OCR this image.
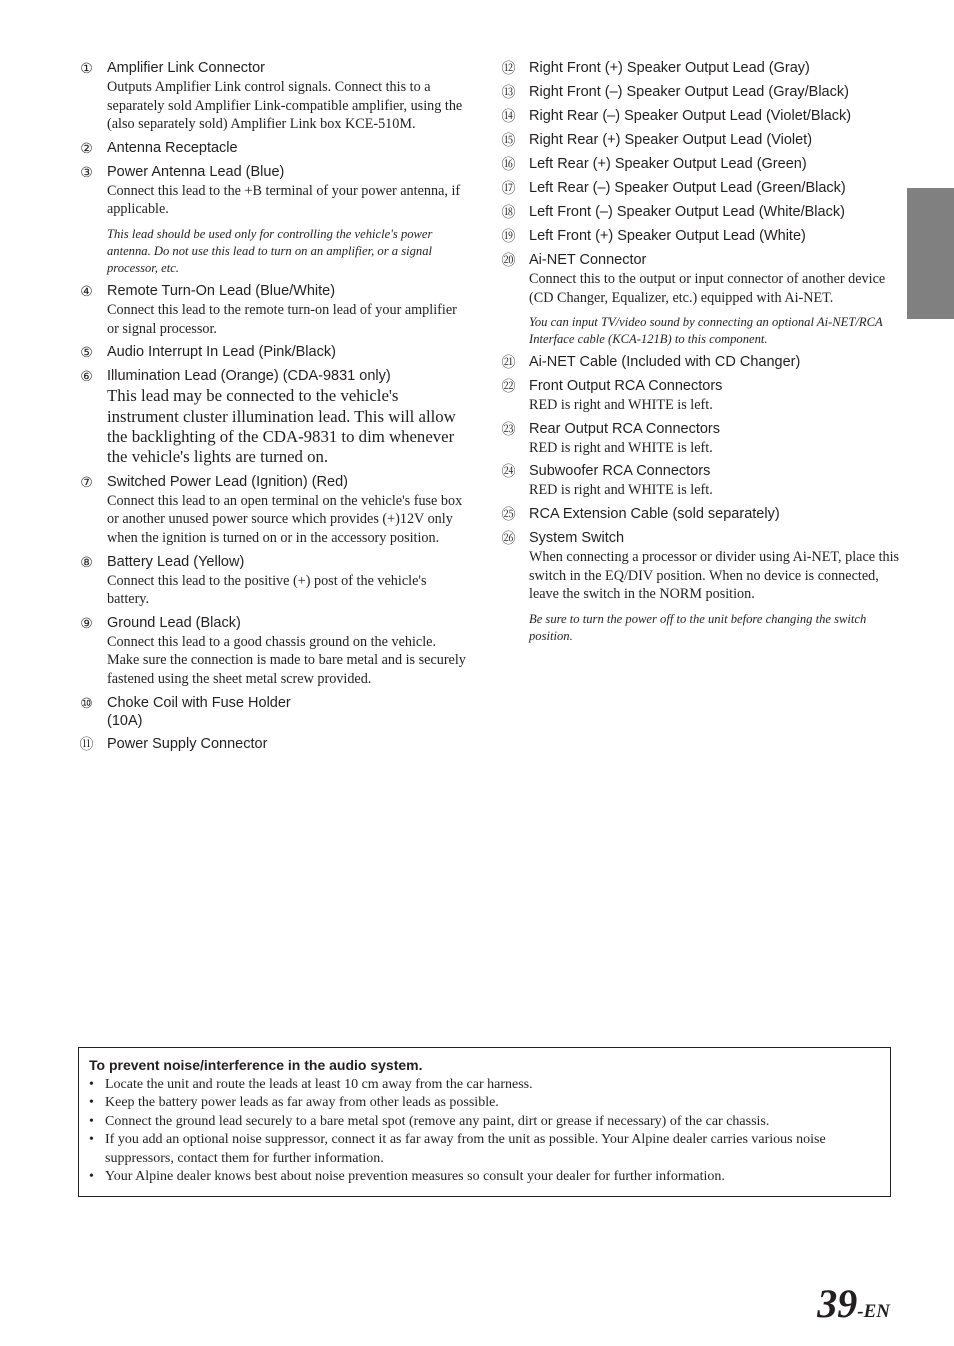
① Amplifier Link Connector
Outputs Amplifier Link control signals. Connect this to a separately sold Amplifier Link-compatible amplifier, using the (also separately sold) Amplifier Link box KCE-510M.
② Antenna Receptacle
③ Power Antenna Lead (Blue)
Connect this lead to the +B terminal of your power antenna, if applicable.
This lead should be used only for controlling the vehicle's power antenna. Do not use this lead to turn on an amplifier, or a signal processor, etc.
④ Remote Turn-On Lead (Blue/White)
Connect this lead to the remote turn-on lead of your amplifier or signal processor.
⑤ Audio Interrupt In Lead (Pink/Black)
⑥ Illumination Lead (Orange) (CDA-9831 only)
This lead may be connected to the vehicle's instrument cluster illumination lead. This will allow the backlighting of the CDA-9831 to dim whenever the vehicle's lights are turned on.
⑦ Switched Power Lead (Ignition) (Red)
Connect this lead to an open terminal on the vehicle's fuse box or another unused power source which provides (+)12V only when the ignition is turned on or in the accessory position.
⑧ Battery Lead (Yellow)
Connect this lead to the positive (+) post of the vehicle's battery.
⑨ Ground Lead (Black)
Connect this lead to a good chassis ground on the vehicle. Make sure the connection is made to bare metal and is securely fastened using the sheet metal screw provided.
⑩ Choke Coil with Fuse Holder
(10A)
⑪ Power Supply Connector
⑫ Right Front (+) Speaker Output Lead (Gray)
⑬ Right Front (–) Speaker Output Lead (Gray/Black)
⑭ Right Rear (–) Speaker Output Lead (Violet/Black)
⑮ Right Rear (+) Speaker Output Lead (Violet)
⑯ Left Rear (+) Speaker Output Lead (Green)
⑰ Left Rear (–) Speaker Output Lead (Green/Black)
⑱ Left Front (–) Speaker Output Lead (White/Black)
⑲ Left Front (+) Speaker Output Lead (White)
⑳ Ai-NET Connector
Connect this to the output or input connector of another device (CD Changer, Equalizer, etc.) equipped with Ai-NET.
You can input TV/video sound by connecting an optional Ai-NET/RCA Interface cable (KCA-121B) to this component.
㉑ Ai-NET Cable (Included with CD Changer)
㉒ Front Output RCA Connectors
RED is right and WHITE is left.
㉓ Rear Output RCA Connectors
RED is right and WHITE is left.
㉔ Subwoofer RCA Connectors
RED is right and WHITE is left.
㉕ RCA Extension Cable (sold separately)
㉖ System Switch
When connecting a processor or divider using Ai-NET, place this switch in the EQ/DIV position. When no device is connected, leave the switch in the NORM position.
Be sure to turn the power off to the unit before changing the switch position.
To prevent noise/interference in the audio system.
• Locate the unit and route the leads at least 10 cm away from the car harness.
• Keep the battery power leads as far away from other leads as possible.
• Connect the ground lead securely to a bare metal spot (remove any paint, dirt or grease if necessary) of the car chassis.
• If you add an optional noise suppressor, connect it as far away from the unit as possible. Your Alpine dealer carries various noise suppressors, contact them for further information.
• Your Alpine dealer knows best about noise prevention measures so consult your dealer for further information.
39-EN
